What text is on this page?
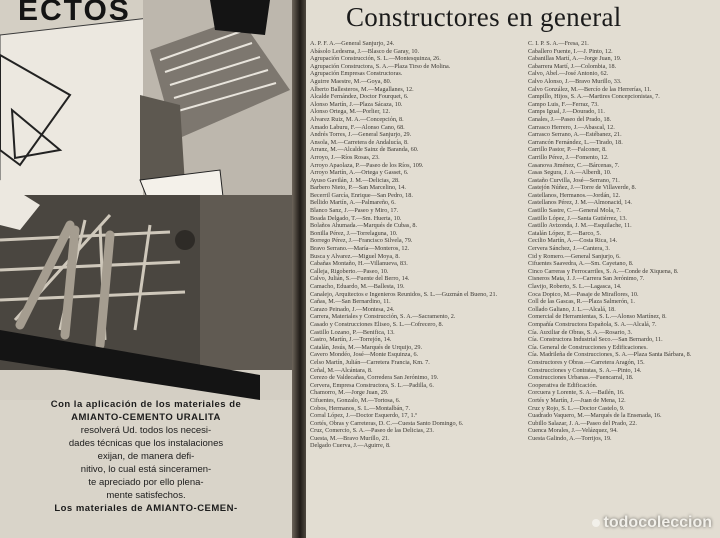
ECTOS
Con la aplicación de los materiales de AMIANTO-CEMENTO URALITA
resolverá Ud. todos los necesi-
dades técnicas que los instalaciones
exijan, de manera defi-
nitivo, lo cual está sinceramen-
te apreciado por ello plena-
mente satisfechos.
Los materiales de AMIANTO-CEMEN-
Constructores en general
A. P. F. A.—General Sanjurjo, 24.
Abásolo Ledesma, J.—Blasco de Garay, 10.
Agrupación Construcción, S. L.—Montesquinza, 26.
Agrupación Constructora, S. A.—Plaza Tirso de Molina.
Agrupación Empresas Constructoras.
Aguirre Maestre, M.—Goya, 80.
Alberto Ballesteros, M.—Magallanes, 12.
Alcalde Fernández, Doctor Fourquet, 6.
Alonso Martín, J.—Plaza Sácaza, 10.
Alonso Ortega, M.—Porlier, 12.
Alvarez Ruiz, M. A.—Concepción, 8.
Amado Laburu, F.—Alonso Cano, 68.
Andrés Torres, J.—General Sanjurjo, 29.
Ansola, M.—Carretera de Andalucía, 8.
Arranz, M.—Alcalde Sainz de Baranda, 60.
Arroyo, J.—Ríos Rosas, 23.
Arroyo Apaolaza, P.—Paseo de los Ríos, 109.
Arroyo Martín, A.—Ortega y Gasset, 6.
Ayuso Gavilán, J. M.—Delicias, 28.
Barbero Nieto, P.—San Marcelino, 14.
Becerril García, Enrique—San Pedro, 18.
Bellido Martín, A.—Palmareño, 6.
Blanco Sanz, J.—Paseo y Miro, 17.
Boada Delgado, T.—Sm. Huerta, 10.
Bolaños Ahumada.—Marqués de Cubas, 8.
Bonilla Pérez, J.—Torrelaguna, 10.
Borrego Pérez, J.—Francisco Silvela, 79.
Bravo Serrano.—María—Monteros, 12.
Busca y Alvarez.—Miguel Moya, 8.
Cabañas Montaño, H.—Villanueva, 83.
Calleja, Rigoberto.—Paseo, 10.
Calvo, Julián, S.—Fuente del Berro, 14.
Camacho, Eduardo, M.—Ballesta, 19.
Canalejo, Arquitectos e Ingenieros Reunidos, S. L.—Guzmán el Bueno, 21.
Cañas, M.—San Bernardino, 11.
Carazo Peinado, J.—Montesa, 24.
Carrera, Materiales y Construcción, S. A.—Sacramento, 2.
Casado y Construcciones Eliseo, S. L.—Cofrecero, 8.
Castillo Lozano, P.—Benifica, 13.
Castro, Martín, J.—Torrejón, 14.
Catalán, Jesús, M.—Marqués de Urquijo, 29.
Cavero Mondéo, José—Monte Esquinza, 6.
Celso Martín, Julián—Carretera Francia, Km. 7.
Ceñal, M.—Alcántara, 8.
Cerezo de Valdecañas, Corredera San Jerónimo, 19.
Cervera, Empresa Constructora, S. L.—Padilla, 6.
Chamorro, M.—Jorge Juan, 29.
Cifuentes, Gonzalo, M.—Tortosa, 6.
Cobos, Hermanos, S. L.—Montalbán, 7.
Corral López, J.—Doctor Esquerdo, 17, 1.º
Cortés, Obras y Carreteras, D. C.—Cuesta Santo Domingo, 6.
Cruz, Comercio, S. A.—Paseo de las Delicias, 23.
Cuesta, M.—Bravo Murillo, 21.
Delgado Cuerva, J.—Aguirre, 8.
C. I. P. S. A.—Fresa, 21.
Caballero Fuente, I.—J. Pinto, 12.
Cabanillas Martí, A.—Jorge Juan, 19.
Cabarrera Martí, J.—Colombia, 18.
Calvo, Abel.—José Antonio, 62.
Calvo Alonso, J.—Bravo Murillo, 33.
Calvo González, M.—Bercío de las Herrerías, 11.
Campillo, Hijos, S. A.—Martires Concepcionistas, 7.
Campo Luis, F.—Ferraz, 73.
Camps Igual, J.—Dourado, 11.
Canales, J.—Paseo del Prado, 18.
Carrasco Herrero, J.—Abascal, 12.
Carrasco Serrano, A.—Estébanez, 21.
Carrancón Fernández, L.—Tirado, 18.
Carrillo Pastor, P.—Falconer, 8.
Carrillo Pérez, J.—Fomento, 12.
Casanova Jiménez, C.—Bárcenas, 7.
Casas Segura, J. A.—Alberdi, 10.
Castaño Curvilla, José—Serrano, 71.
Castejón Núñez, J.—Torre de Villaverde, 8.
Castellanos, Hermanos.—Jordán, 12.
Castellanos Pérez, J. M.—Almonacid, 14.
Castillo Sastre, C.—General Mola, 7.
Castillo López, J.—Santa Gutiérrez, 13.
Castillo Avizonda, J. M.—Esquilache, 11.
Catalán López, E.—Barco, 5.
Cecilio Martín, A.—Costa Rica, 14.
Cervera Sánchez, J.—Cantera, 3.
Cid y Romero.—General Sanjurjo, 6.
Cifuentes Saavedra, A.—Sm. Cayetano, 8.
Cinco Carreras y Ferrocarriles, S. A.—Conde de Xiquena, 8.
Cisneros Mata, J. J.—Carrera San Jerónimo, 7.
Clavijo, Roberto, S. L.—Lagasca, 14.
Coca Dopico, M.—Pasaje de Miraflores, 10.
Coll de las Gascas, R.—Plaza Salmerón, 1.
Collado Galiano, J. L.—Alcalá, 18.
Comercial de Herramientas, S. L.—Alonso Martínez, 8.
Compañía Constructora Española, S. A.—Alcalá, 7.
Cía. Auxiliar de Obras, S. A.—Rosario, 3.
Cía. Constructora Industrial Seco.—San Bernardo, 11.
Cía. General de Construcciones y Edificaciones.
Cía. Madrileña de Construcciones, S. A.—Plaza Santa Bárbara, 8.
Constructores y Obras.—Carretera Aragón, 15.
Construcciones y Contratas, S. A.—Pinto, 14.
Construcciones Urbanas.—Fuencarral, 18.
Cooperativa de Edificación.
Corcuera y Lorente, S. A.—Bailén, 16.
Cortés y Martín, J.—Juan de Mena, 12.
Cruz y Rojo, S. L.—Doctor Castelo, 9.
Cuadrado Vaquero, M.—Marqués de la Ensenada, 16.
Cubillo Salazar, J. A.—Paseo del Prado, 22.
Cuenca Morales, J.—Velázquez, 94.
Cuesta Galindo, A.—Torrijos, 19.
todocoleccion
